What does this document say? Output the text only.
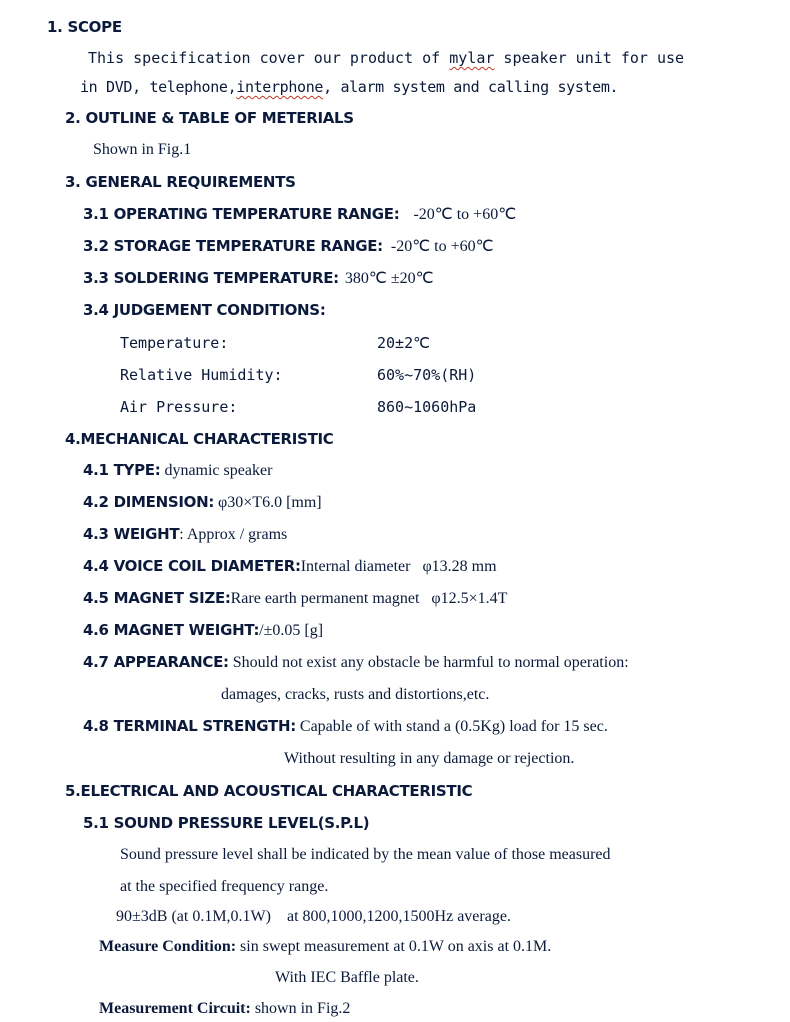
1. SCOPE
This specification cover our product of mylar speaker unit for use
in DVD, telephone,interphone, alarm system and calling system.
2. OUTLINE & TABLE OF METERIALS
Shown in Fig.1
3. GENERAL REQUIREMENTS
3.1 OPERATING TEMPERATURE RANGE: -20℃ to +60℃
3.2 STORAGE TEMPERATURE RANGE: -20℃ to +60℃
3.3 SOLDERING TEMPERATURE: 380℃ ±20℃
3.4 JUDGEMENT CONDITIONS:
Temperature:	20±2℃
Relative Humidity:	60%~70%(RH)
Air Pressure:	860~1060hPa
4.MECHANICAL CHARACTERISTIC
4.1 TYPE: dynamic speaker
4.2 DIMENSION: φ30×T6.0 [mm]
4.3 WEIGHT: Approx / grams
4.4 VOICE COIL DIAMETER:Internal diameter   φ13.28 mm
4.5 MAGNET SIZE:Rare earth permanent magnet   φ12.5×1.4T
4.6 MAGNET WEIGHT:/±0.05 [g]
4.7 APPEARANCE: Should not exist any obstacle be harmful to normal operation:
damages, cracks, rusts and distortions,etc.
4.8 TERMINAL STRENGTH: Capable of with stand a (0.5Kg) load for 15 sec.
Without resulting in any damage or rejection.
5.ELECTRICAL AND ACOUSTICAL CHARACTERISTIC
5.1 SOUND PRESSURE LEVEL(S.P.L)
Sound pressure level shall be indicated by the mean value of those measured
at the specified frequency range.
90±3dB (at 0.1M,0.1W)    at 800,1000,1200,1500Hz average.
Measure Condition: sin swept measurement at 0.1W on axis at 0.1M.
With IEC Baffle plate.
Measurement Circuit: shown in Fig.2
